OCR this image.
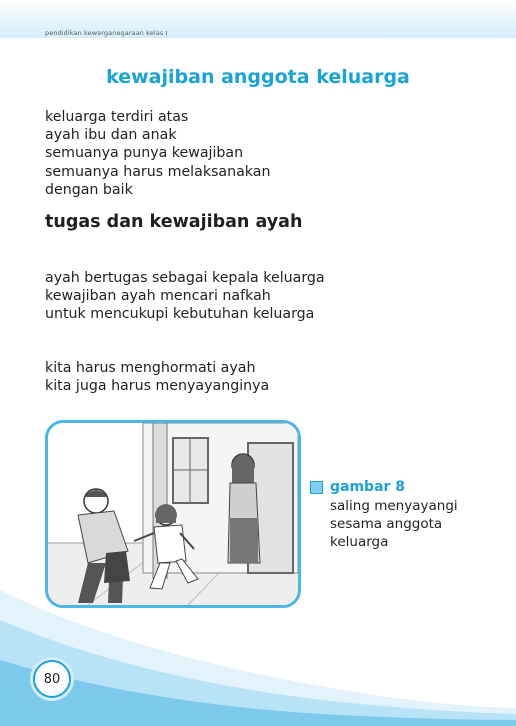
pendidikan kewarganegaraan kelas I
kewajiban anggota keluarga
keluarga terdiri atas
ayah ibu dan anak
semuanya punya kewajiban
semuanya harus melaksanakan
dengan baik
tugas dan kewajiban ayah
ayah bertugas sebagai kepala keluarga
kewajiban ayah mencari nafkah
untuk mencukupi kebutuhan keluarga
kita harus menghormati ayah
kita juga harus menyayanginya
gambar 8
saling menyayangi
sesama anggota
keluarga
80
